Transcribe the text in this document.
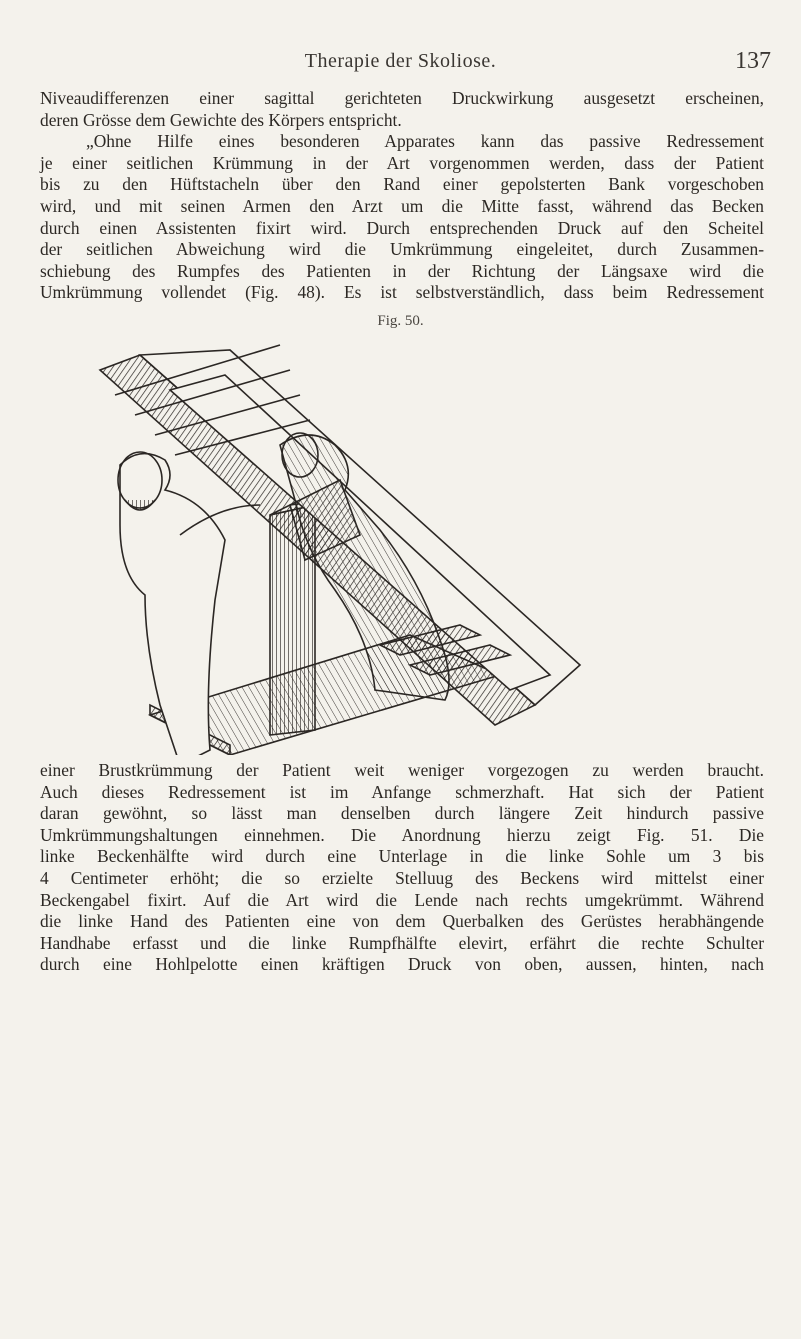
Therapie der Skoliose.	137
Niveaudifferenzen einer sagittal gerichteten Druckwirkung ausgesetzt erscheinen,
deren Grösse dem Gewichte des Körpers entspricht.
„Ohne Hilfe eines besonderen Apparates kann das passive Redressement
je einer seitlichen Krümmung in der Art vorgenommen werden, dass der Patient
bis zu den Hüftstacheln über den Rand einer gepolsterten Bank vorgeschoben
wird, und mit seinen Armen den Arzt um die Mitte fasst, während das Becken
durch einen Assistenten fixirt wird. Durch entsprechenden Druck auf den Scheitel
der seitlichen Abweichung wird die Umkrümmung eingeleitet, durch Zusammen-
schiebung des Rumpfes des Patienten in der Richtung der Längsaxe wird die
Umkrümmung vollendet (Fig. 48). Es ist selbstverständlich, dass beim Redressement
Fig. 50.
einer Brustkrümmung der Patient weit weniger vorgezogen zu werden braucht.
Auch dieses Redressement ist im Anfange schmerzhaft. Hat sich der Patient
daran gewöhnt, so lässt man denselben durch längere Zeit hindurch passive
Umkrümmungshaltungen einnehmen. Die Anordnung hierzu zeigt Fig. 51. Die
linke Beckenhälfte wird durch eine Unterlage in die linke Sohle um 3 bis
4 Centimeter erhöht; die so erzielte Stelluug des Beckens wird mittelst einer
Beckengabel fixirt. Auf die Art wird die Lende nach rechts umgekrümmt. Während
die linke Hand des Patienten eine von dem Querbalken des Gerüstes herabhängende
Handhabe erfasst und die linke Rumpfhälfte elevirt, erfährt die rechte Schulter
durch eine Hohlpelotte einen kräftigen Druck von oben, aussen, hinten, nach
